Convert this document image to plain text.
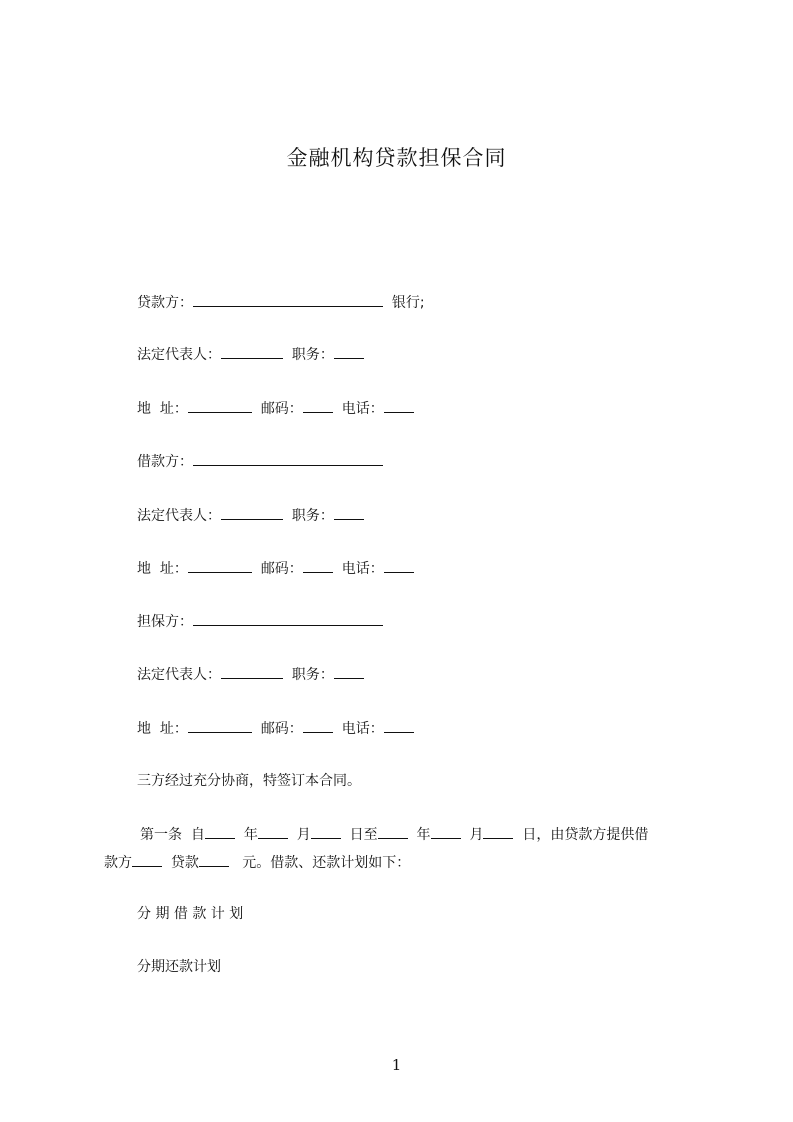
金融机构贷款担保合同
贷款方：	银行;
法定代表人：	职务：
地  址：	邮码：	电话：
借款方：
法定代表人：	职务：
地  址：	邮码：	电话：
担保方：
法定代表人：	职务：
地  址：	邮码：	电话：
三方经过充分协商，特签订本合同。
第一条  自	年	月	日至	年	月	日，由贷款方提供借
款方	贷款	元。借款、还款计划如下：
分 期 借 款 计 划
分期还款计划
1
